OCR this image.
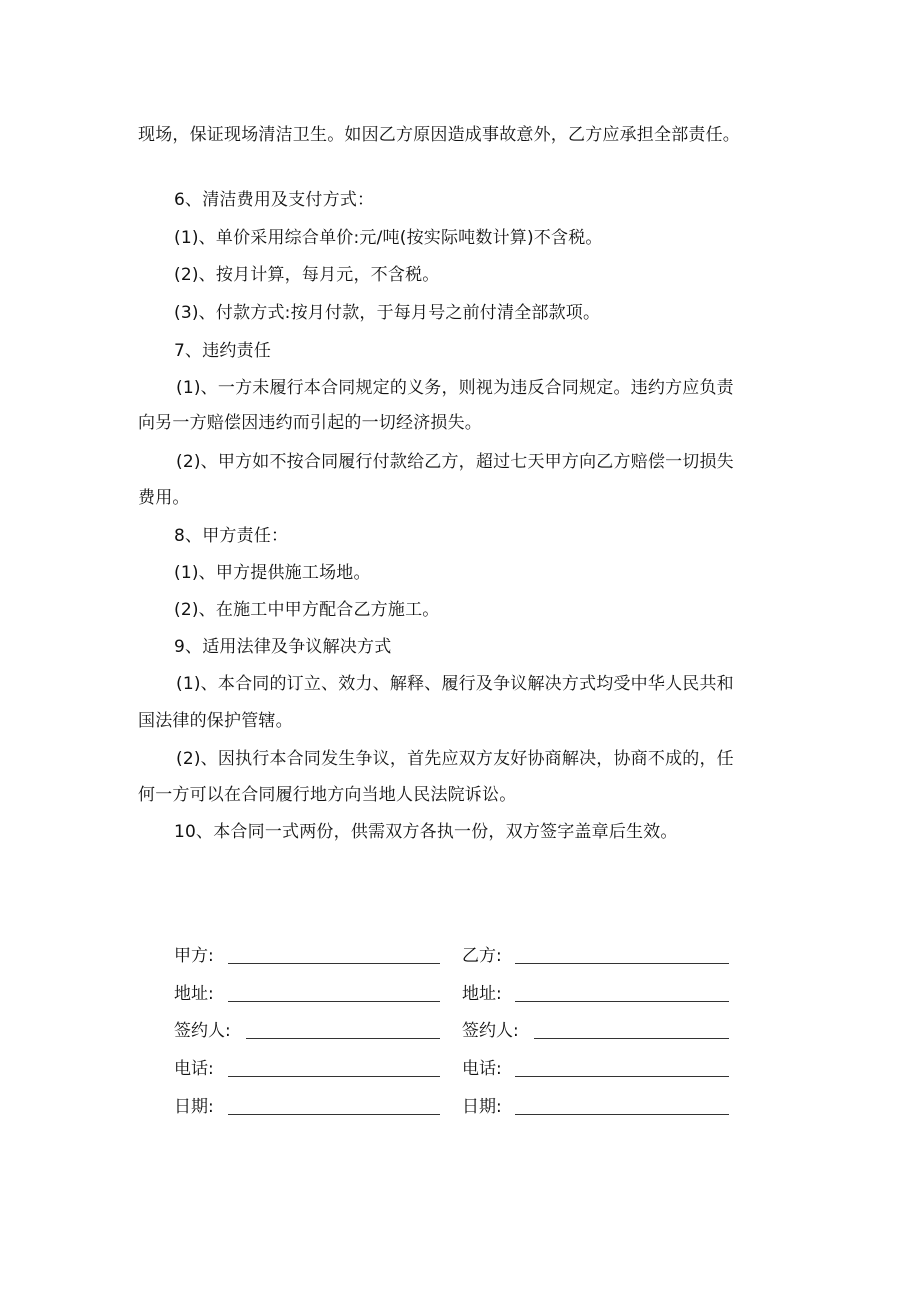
现场，保证现场清洁卫生。如因乙方原因造成事故意外，乙方应承担全部责任。
6、清洁费用及支付方式：
(1)、单价采用综合单价:元/吨(按实际吨数计算)不含税。
(2)、按月计算，每月元，不含税。
(3)、付款方式:按月付款，于每月号之前付清全部款项。
7、违约责任
(1)、一方未履行本合同规定的义务，则视为违反合同规定。违约方应负责
向另一方赔偿因违约而引起的一切经济损失。
(2)、甲方如不按合同履行付款给乙方，超过七天甲方向乙方赔偿一切损失
费用。
8、甲方责任：
(1)、甲方提供施工场地。
(2)、在施工中甲方配合乙方施工。
9、适用法律及争议解决方式
(1)、本合同的订立、效力、解释、履行及争议解决方式均受中华人民共和
国法律的保护管辖。
(2)、因执行本合同发生争议，首先应双方友好协商解决，协商不成的，任
何一方可以在合同履行地方向当地人民法院诉讼。
10、本合同一式两份，供需双方各执一份，双方签字盖章后生效。
甲方:
地址:
签约人:
电话:
日期:
乙方:
地址:
签约人:
电话:
日期:
